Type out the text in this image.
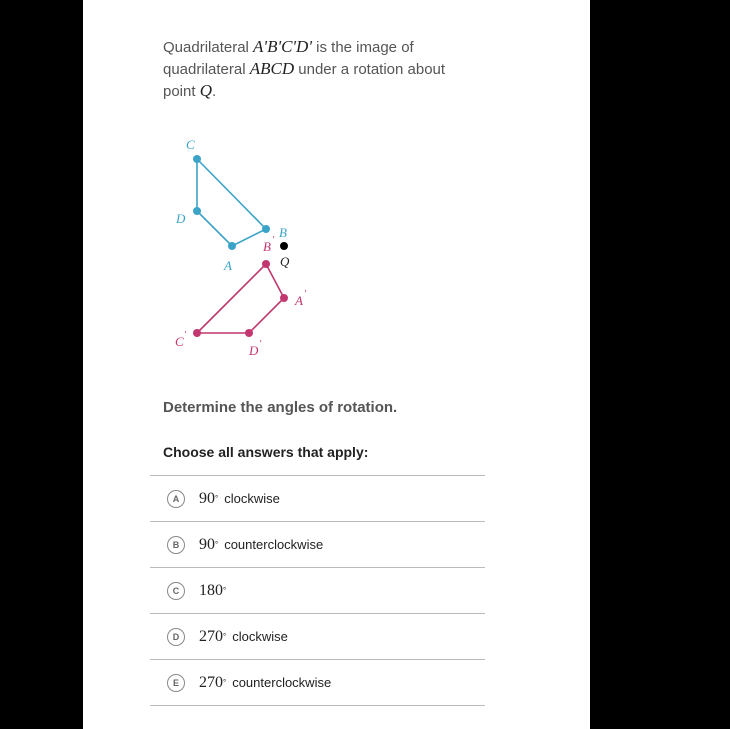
Quadrilateral A'B'C'D' is the image of quadrilateral ABCD under a rotation about point Q.
C
D
B
A
B '
Q
A '
C '
D '
Determine the angles of rotation.
Choose all answers that apply:
A	90 ° clockwise
B	90 ° counterclockwise
C	180 °
D	270 ° clockwise
E	270 ° counterclockwise
